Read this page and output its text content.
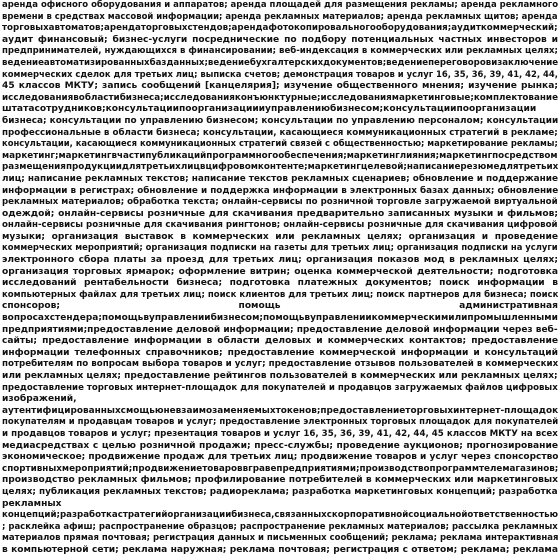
аренда офисного оборудования и аппаратов; аренда площадей для размещения рекламы; аренда рекламного
времени в средствах массовой информации; аренда рекламных материалов; аренда рекламных щитов; аренда
торговыхавтоматов;арендаторговыхстендов;арендафотокопировальногооборудования;аудиткоммерческий;
аудит финансовый; бизнес-услуги посреднические по подбору потенциальных частных инвесторов и
предпринимателей, нуждающихся в финансировании; веб-индексация в коммерческих или рекламных целях;
ведениеавтоматизированныхбазданных;ведениебухгалтерскихдокументов;ведениепереговоровизаключение
коммерческих сделок для третьих лиц; выписка счетов; демонстрация товаров и услуг 16, 35, 36, 39, 41, 42, 44,
45 классов МКТУ; запись сообщений [канцелярия]; изучение общественного мнения; изучение рынка;
исследованиявобластибизнеса;исследованияконъюнктурные;исследованиямаркетинговые;комплектование
штатасотрудников;консультациипоорганизациииуправлениюбизнесом;консультациипоорганизации
бизнеса; консультации по управлению бизнесом; консультации по управлению персоналом; консультации
профессиональные в области бизнеса; консультации, касающиеся коммуникационных стратегий в рекламе;
консультации, касающиеся коммуникационных стратегий связей с общественностью; маркетирование рекламы;
маркетинг;маркетингвчастипубликацийпрограммногообеспечения;маркетинглияния;маркетингпосредством
размещенияпродукциидлятретьихлицвцифровомконтенте;маркетингцелевой;написаниерезюмедлятретьих
лиц; написание рекламных текстов; написание текстов рекламных сценариев; обновление и поддержание
информации в регистрах; обновление и поддержка информации в электронных базах данных; обновление
рекламных материалов; обработка текста; онлайн-сервисы по розничной торговле загружаемой виртуальной
одеждой; онлайн-сервисы розничные для скачивания предварительно записанных музыки и фильмов;
онлайн-сервисы розничные для скачивания рингтонов; онлайн-сервисы розничные для скачивания цифровой
музыки; организация выставок в коммерческих или рекламных целях; организация и проведение
коммерческих мероприятий; организация подписки на газеты для третьих лиц; организация подписки на услуги
электронного сбора платы за проезд для третьих лиц; организация показов мод в рекламных целях;
организация торговых ярмарок; оформление витрин; оценка коммерческой деятельности; подготовка
исследований рентабельности бизнеса; подготовка платежных документов; поиск информации в
компьютерных файлах для третьих лиц; поиск клиентов для третьих лиц; поиск партнеров для бизнеса; поиск
спонсоров; помощь административная
вопросахстендера;помощьвуправлениибизнесом;помощьвуправлениикоммерческимилипромышленными
предприятиями;предоставление деловой информации; предоставление деловой информации через веб-
сайты; предоставление информации в области деловых и коммерческих контактов; предоставление
информации телефонных справочников; предоставление коммерческой информации и консультаций
потребителям по вопросам выбора товаров и услуг; предоставление отзывов пользователей в коммерческих
или рекламных целях; предоставление рейтингов пользователей в коммерческих или рекламных целях;
предоставление торговых интернет-площадок для покупателей и продавцов загружаемых файлов цифровых
изображений,
аутентифицированныхсмощьюневзаимозаменяемыхтокенов;предоставлениеторговыхинтернет-площадок
покупателям и продавцам товаров и услуг; предоставление электронных торговых площадок для покупателей
и продавцов товаров и услуг; презентация товаров и услуг 16, 35, 36, 39, 41, 42, 44, 45 классов МКТУ на всех
медиасредствах с целью розничной продажи; пресс-службы; проведение аукционов; прогнозирование
экономическое; продвижение продаж для третьих лиц; продвижение товаров и услуг через спонсорство
спортивныхмероприятий;продвижениетовароввгравепредприятиями;производствопрограммтелемагазинов;
производство рекламных фильмов; профилирование потребителей в коммерческих или маркетинговых
целях; публикация рекламных текстов; радиореклама; разработка маркетинговых концепций; разработка
рекламных
концепций;разработкастратегийорганизациибизнеса,связанныхскорпоративнойсоциальнойответственностью
; расклейка афиш; распространение образцов; распространение рекламных материалов; рассылка рекламных
материалов прямая почтовая; регистрация данных и письменных сообщений; реклама; реклама интерактивная
в компьютерной сети; реклама наружная; реклама почтовая; регистрация с ответом; реклама; реклама
